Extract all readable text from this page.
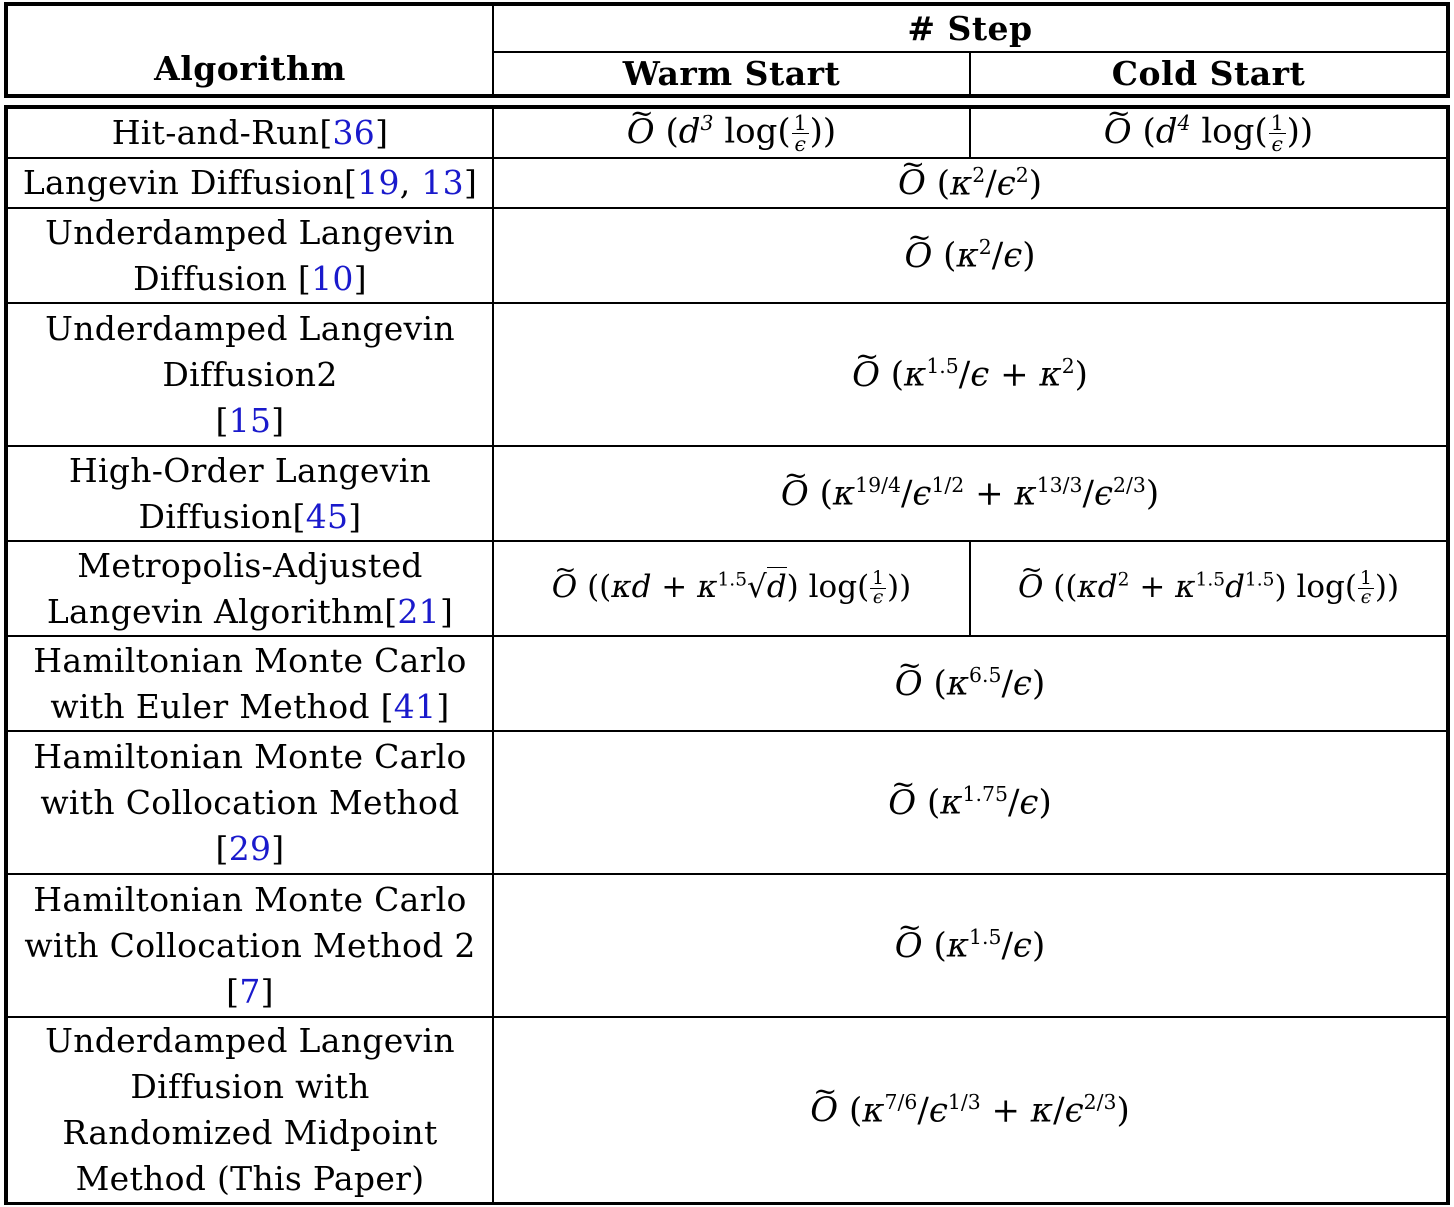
Algorithm	# Step	
	Warm Start	Cold Start
Hit-and-Run[36]	~ O ($d^3$ $\log( \frac{1}{\epsilon}$ ))	~ O ($d^4$ $\log( \frac{1}{\epsilon}$ ))
Langevin Diffusion[19, 13]	~ O $(\kappa^2/\epsilon^2)$
Underdamped Langevin
Diffusion [10]	~ O $(\kappa^2/\epsilon)$
Underdamped Langevin
Diffusion2
[15]	~ O $(\kappa^{1.5}/\epsilon + \kappa^2)$
High-Order Langevin
Diffusion[45]	~ O $(\kappa^{19/4}/\epsilon^{1/2} + \kappa^{13/3}/\epsilon^{2/3})$
Metropolis-Adjusted
Langevin Algorithm[21]	~ O ($(\kappa d + \kappa^{1.5}√d)$ $\log( \frac{1}{\epsilon}$ ))	~ O ($(\kappa d^2 + \kappa^{1.5}d^{1.5})$ $\log( \frac{1}{\epsilon}$ ))
Hamiltonian Monte Carlo
with Euler Method [41]	~ O $(\kappa^{6.5}/\epsilon)$
Hamiltonian Monte Carlo
with Collocation Method
[29]	~ O $(\kappa^{1.75}/\epsilon)$
Hamiltonian Monte Carlo
with Collocation Method 2
[7]	~ O $(\kappa^{1.5}/\epsilon)$
Underdamped Langevin
Diffusion with
Randomized Midpoint
Method (This Paper)	~ O $(\kappa^{7/6}/\epsilon^{1/3} + \kappa/\epsilon^{2/3})$
